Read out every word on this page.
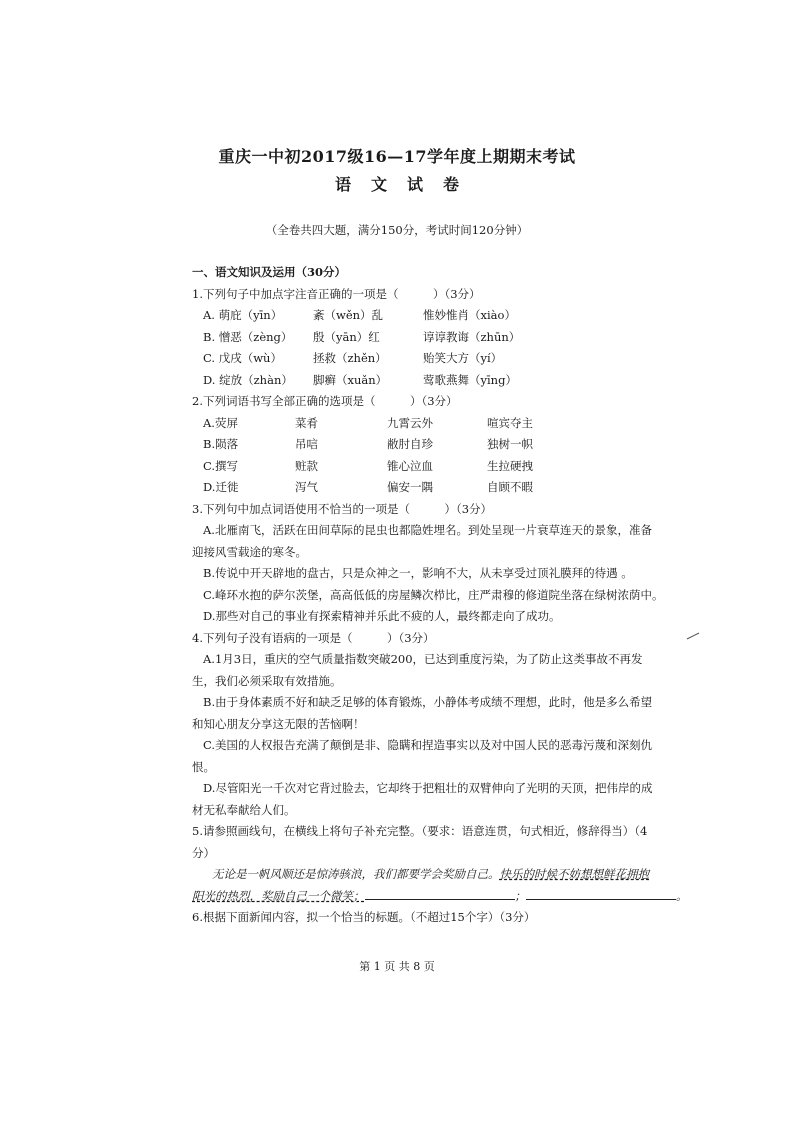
重庆一中初2017级16—17学年度上期期末考试
语文试卷
（全卷共四大题，满分150分，考试时间120分钟）
一、语文知识及运用（30分）
1.下列句子中加点字注音正确的一项是（　　　）（3分）
A. 萌庇（yīn）	紊（wěn）乱	惟妙惟肖（xiào）
B. 憎恶（zèng）	殷（yān）红	谆谆教诲（zhūn）
C. 戊戌（wù）	拯救（zhěn）	贻笑大方（yí）
D. 绽放（zhàn）	脚癣（xuǎn）	莺歌燕舞（yīng）
2.下列词语书写全部正确的选项是（　　　）（3分）
A.荧屏	菜肴	九霄云外	喧宾夺主
B.陨落	吊唁	敝肘自珍	独树一帜
C.撰写	赃款	锥心泣血	生拉硬拽
D.迁徙	泻气	偏安一隅	自顾不暇
3.下列句中加点词语使用不恰当的一项是（　　　）（3分）
A.北雁南飞，活跃在田间草际的昆虫也都隐姓埋名。到处呈现一片衰草连天的景象，准备
迎接风雪载途的寒冬。
B.传说中开天辟地的盘古，只是众神之一，影响不大，从未享受过顶礼膜拜的待遇 。
C.峰环水抱的萨尔茨堡，高高低低的房屋鳞次栉比，庄严肃穆的修道院坐落在绿树浓荫中。
D.那些对自己的事业有探索精神并乐此不疲的人，最终都走向了成功。
4.下列句子没有语病的一项是（　　　）（3分）
A.1月3日，重庆的空气质量指数突破200，已达到重度污染，为了防止这类事故不再发
生，我们必须采取有效措施。
B.由于身体素质不好和缺乏足够的体育锻炼，小静体考成绩不理想，此时，他是多么希望
和知心朋友分享这无限的苦恼啊！
C.美国的人权报告充满了颠倒是非、隐瞒和捏造事实以及对中国人民的恶毒污蔑和深刻仇
恨。
D.尽管阳光一千次对它背过脸去，它却终于把粗壮的双臂伸向了光明的天顶，把伟岸的成
材无私奉献给人们。
5.请参照画线句，在横线上将句子补充完整。（要求：语意连贯，句式相近，修辞得当）（4
分）
无论是一帆风顺还是惊涛骇浪，我们都要学会奖励自己。快乐的时候不妨想想鲜花拥抱
阳光的热烈，奖励自己一个微笑；	；	。
6.根据下面新闻内容，拟一个恰当的标题。（不超过15个字）（3分）
第 1 页 共 8 页
